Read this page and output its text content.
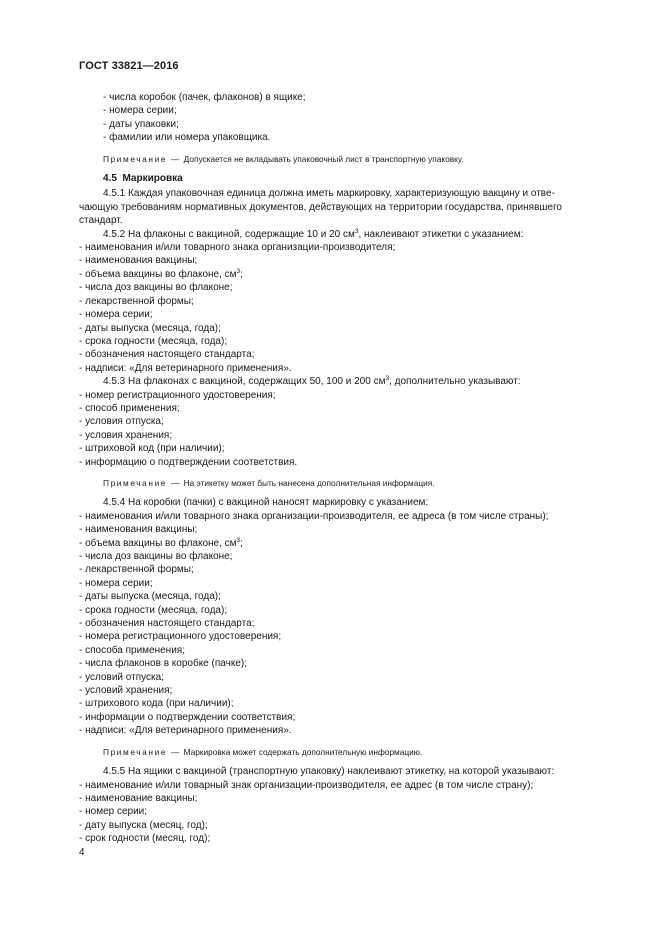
ГОСТ 33821—2016
- числа коробок (пачек, флаконов) в ящике;
- номера серии;
- даты упаковки;
- фамилии или номера упаковщика.
Примечание — Допускается не вкладывать упаковочный лист в транспортную упаковку.
4.5 Маркировка
4.5.1 Каждая упаковочная единица должна иметь маркировку, характеризующую вакцину и отве-
чающую требованиям нормативных документов, действующих на территории государства, принявшего
стандарт.
4.5.2 На флаконы с вакциной, содержащие 10 и 20 $см^3$, наклеивают этикетки с указанием:
- наименования и/или товарного знака организации-производителя;
- наименования вакцины;
- объема вакцины во флаконе, $см^3$;
- числа доз вакцины во флаконе;
- лекарственной формы;
- номера серии;
- даты выпуска (месяца, года);
- срока годности (месяца, года);
- обозначения настоящего стандарта;
- надписи: «Для ветеринарного применения».
4.5.3 На флаконах с вакциной, содержащих 50, 100 и 200 $см^3$, дополнительно указывают:
- номер регистрационного удостоверения;
- способ применения;
- условия отпуска;
- условия хранения;
- штриховой код (при наличии);
- информацию о подтверждении соответствия.
Примечание — На этикетку может быть нанесена дополнительная информация.
4.5.4 На коробки (пачки) с вакциной наносят маркировку с указанием:
- наименования и/или товарного знака организации-производителя, ее адреса (в том числе страны);
- наименования вакцины;
- объема вакцины во флаконе, $см^3$;
- числа доз вакцины во флаконе;
- лекарственной формы;
- номера серии;
- даты выпуска (месяца, года);
- срока годности (месяца, года);
- обозначения настоящего стандарта;
- номера регистрационного удостоверения;
- способа применения;
- числа флаконов в коробке (пачке);
- условий отпуска;
- условий хранения;
- штрихового кода (при наличии);
- информации о подтверждении соответствия;
- надписи: «Для ветеринарного применения».
Примечание — Маркировка может содержать дополнительную информацию.
4.5.5 На ящики с вакциной (транспортную упаковку) наклеивают этикетку, на которой указывают:
- наименование и/или товарный знак организации-производителя, ее адрес (в том числе страну);
- наименование вакцины;
- номер серии;
- дату выпуска (месяц, год);
- срок годности (месяц, год);
4
